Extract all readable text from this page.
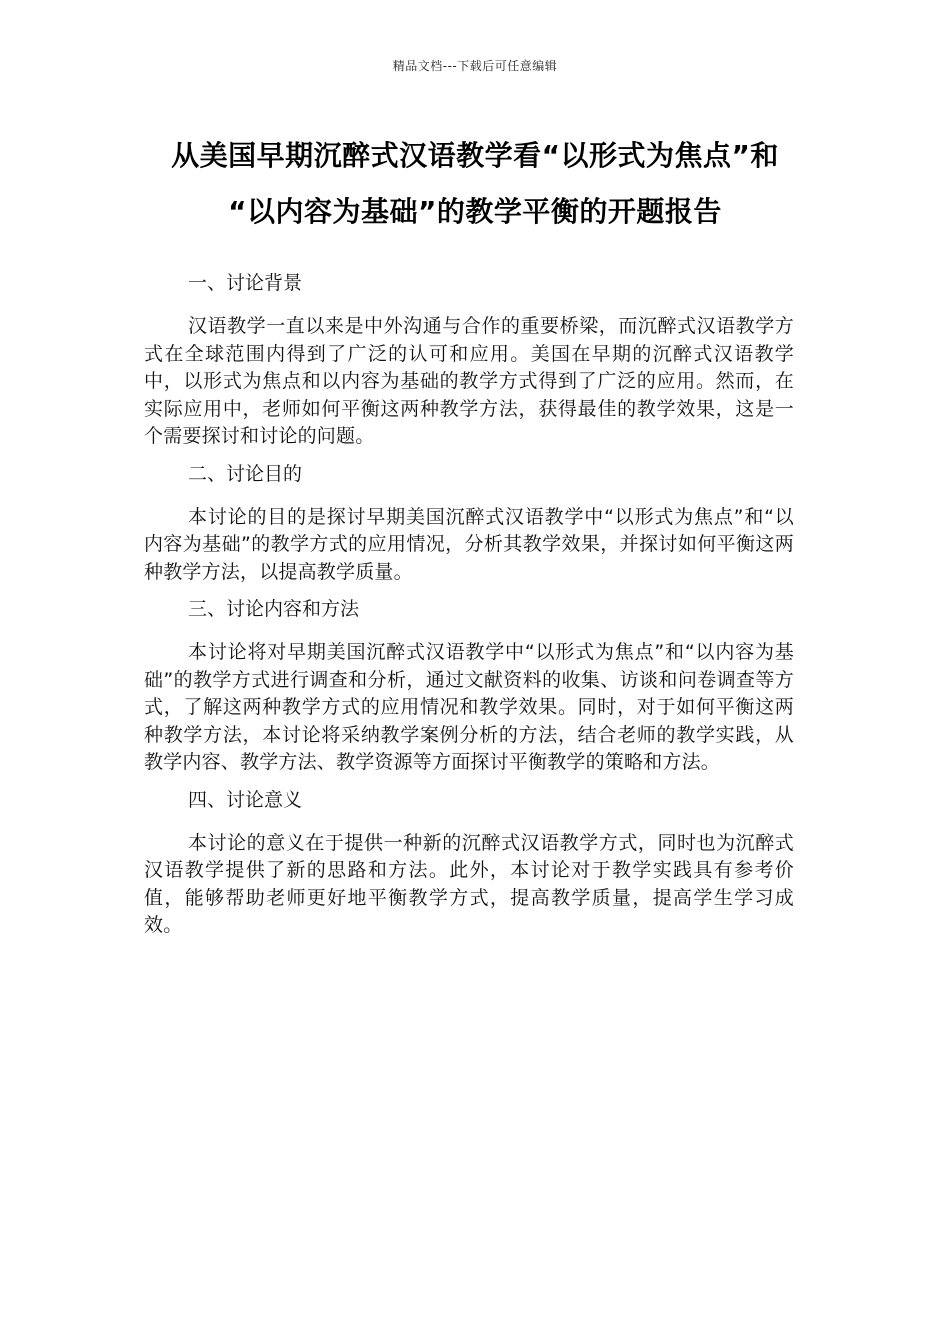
精品文档---下载后可任意编辑
从美国早期沉醉式汉语教学看“以形式为焦点”和
“以内容为基础”的教学平衡的开题报告
一、讨论背景

汉语教学一直以来是中外沟通与合作的重要桥梁，而沉醉式汉语教学方式在全球范围内得到了广泛的认可和应用。美国在早期的沉醉式汉语教学中，以形式为焦点和以内容为基础的教学方式得到了广泛的应用。然而，在实际应用中，老师如何平衡这两种教学方法，获得最佳的教学效果，这是一个需要探讨和讨论的问题。

二、讨论目的

本讨论的目的是探讨早期美国沉醉式汉语教学中“以形式为焦点”和“以内容为基础”的教学方式的应用情况，分析其教学效果，并探讨如何平衡这两种教学方法，以提高教学质量。

三、讨论内容和方法

本讨论将对早期美国沉醉式汉语教学中“以形式为焦点”和“以内容为基础”的教学方式进行调查和分析，通过文献资料的收集、访谈和问卷调查等方式，了解这两种教学方式的应用情况和教学效果。同时，对于如何平衡这两种教学方法，本讨论将采纳教学案例分析的方法，结合老师的教学实践，从教学内容、教学方法、教学资源等方面探讨平衡教学的策略和方法。

四、讨论意义

本讨论的意义在于提供一种新的沉醉式汉语教学方式，同时也为沉醉式汉语教学提供了新的思路和方法。此外，本讨论对于教学实践具有参考价值，能够帮助老师更好地平衡教学方式，提高教学质量，提高学生学习成效。
